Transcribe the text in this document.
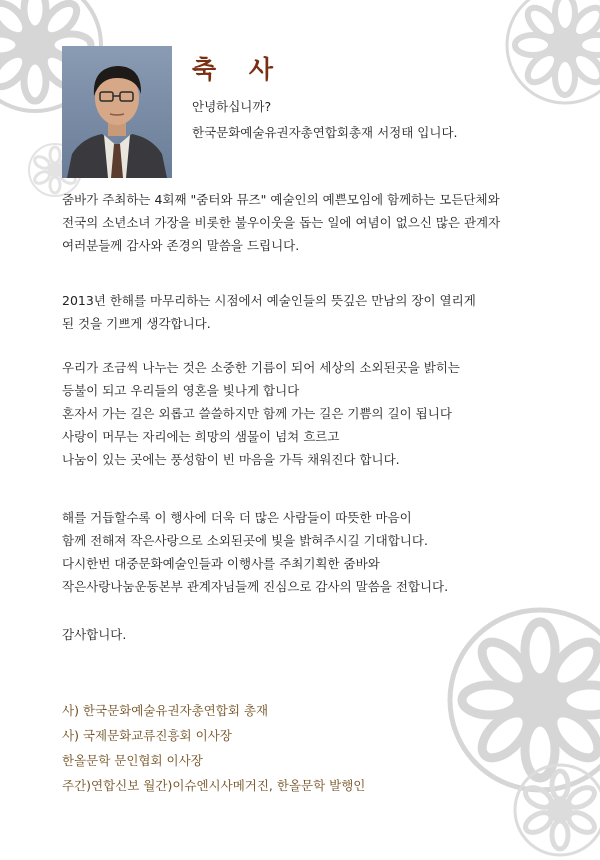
축 사
안녕하십니까?
한국문화예술유권자총연합회총재 서정태 입니다.
줌바가 주최하는 4회째 "줌터와 뮤즈" 예술인의 예쁜모임에 함께하는 모든단체와
전국의 소년소녀 가장을 비롯한 불우이웃을 돕는 일에 여념이 없으신 많은 관계자
여러분들께 감사와 존경의 말씀을 드립니다.
2013년 한해를 마무리하는 시점에서 예술인들의 뜻깊은 만남의 장이 열리게
된 것을 기쁘게 생각합니다.
우리가 조금씩 나누는 것은 소중한 기름이 되어 세상의 소외된곳을 밝히는
등불이 되고 우리들의 영혼을 빛나게 합니다
혼자서 가는 길은 외롭고 쓸쓸하지만 함께 가는 길은 기쁨의 길이 됩니다
사랑이 머무는 자리에는 희망의 샘물이 넘쳐 흐르고
나눔이 있는 곳에는 풍성함이 빈 마음을 가득 채워진다 합니다.
해를 거듭할수록 이 행사에 더욱 더 많은 사람들이 따뜻한 마음이
함께 전해져 작은사랑으로 소외된곳에 빛을 밝혀주시길 기대합니다.
다시한번 대중문화예술인들과 이행사를 주최기획한 줌바와
작은사랑나눔운동본부 관계자님들께 진심으로 감사의 말씀을 전합니다.
감사합니다.
사) 한국문화예술유권자총연합회 총재
사) 국제문화교류진흥회 이사장
한올문학 문인협회 이사장
주간)연합신보 월간)이슈엔시사메거진, 한올문학 발행인
